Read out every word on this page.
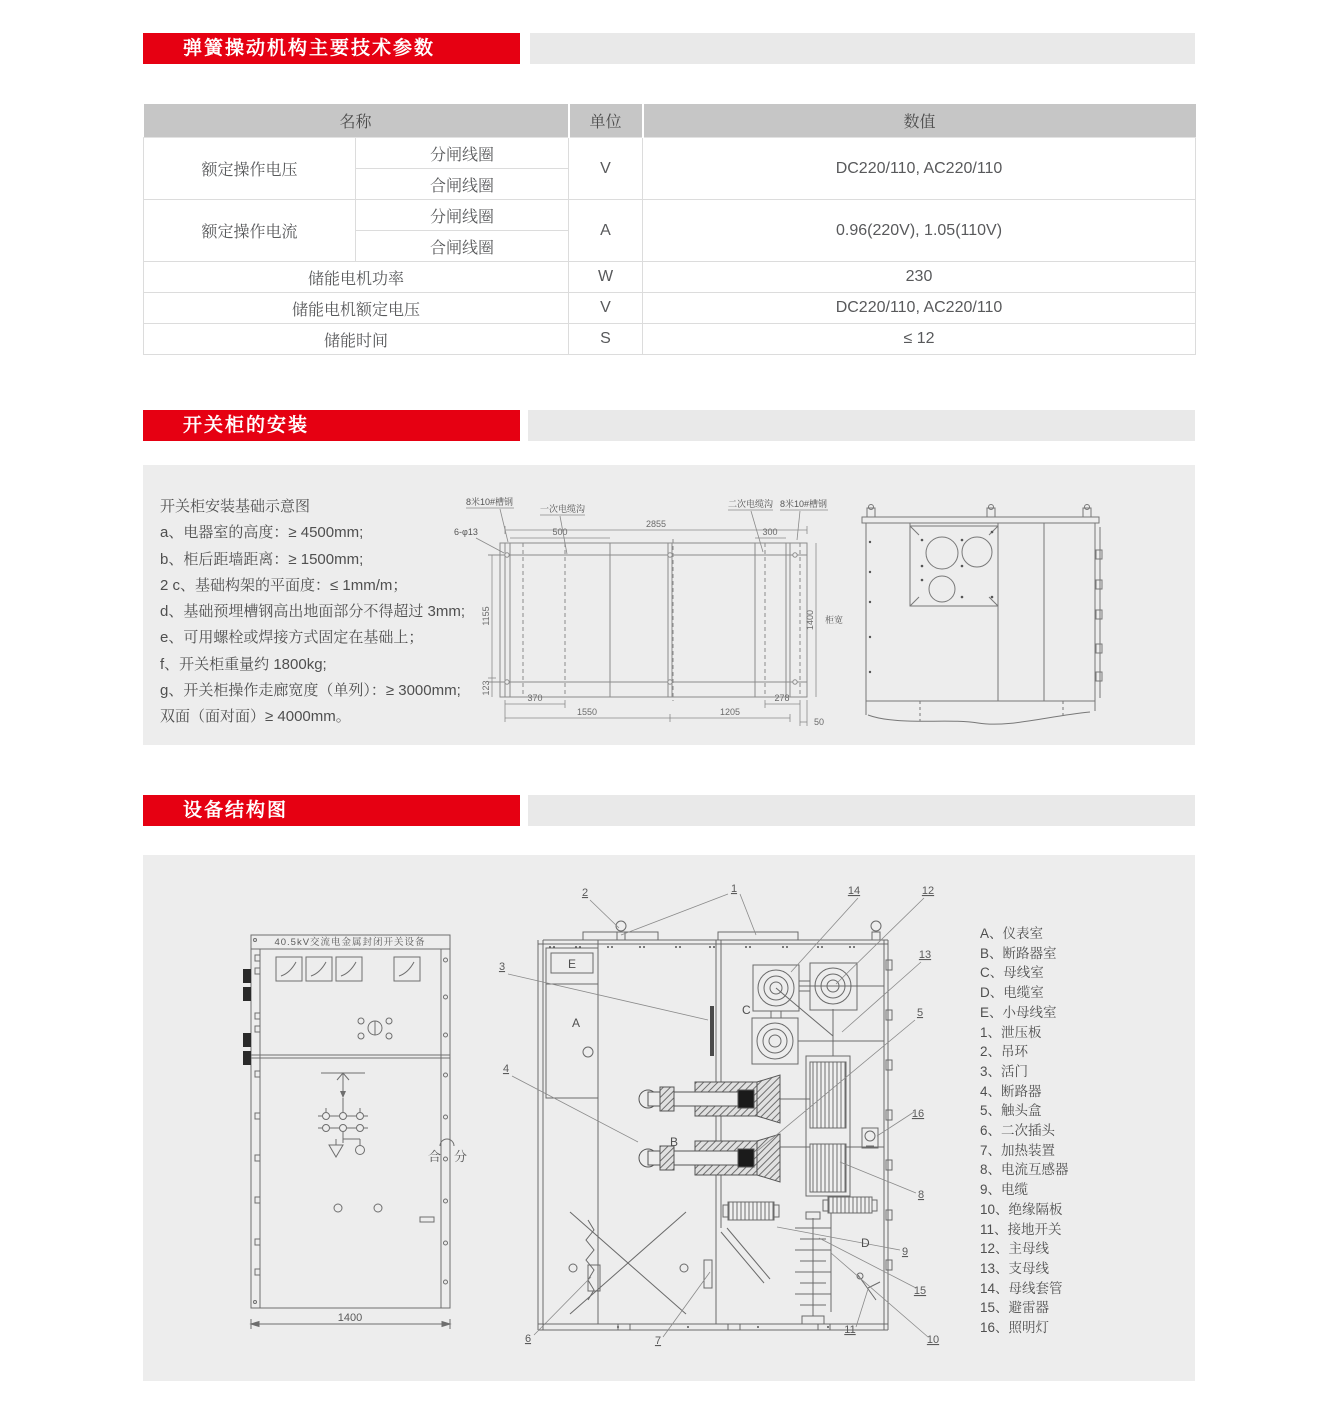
弹簧操动机构主要技术参数
名称		单位	数值
额定操作电压	分闸线圈	V	DC220/110, AC220/110
	合闸线圈		
额定操作电流	分闸线圈	A	0.96(220V), 1.05(110V)
	合闸线圈		
储能电机功率		W	230
储能电机额定电压		V	DC220/110, AC220/110
储能时间		S	≤ 12
开关柜的安装
开关柜安装基础示意图
a、电器室的高度：≥ 4500mm;
b、柜后距墙距离：≥ 1500mm;
2 c、基础构架的平面度：≤ 1mm/m；
d、基础预埋槽钢高出地面部分不得超过 3mm;
e、可用螺栓或焊接方式固定在基础上；
f、开关柜重量约 1800kg;
g、开关柜操作走廊宽度（单列）：≥ 3000mm;
双面（面对面）≥ 4000mm。
2855
500	300
1155
123
1400 柜宽
370	278
1550	1205
50
8米10#槽钢
一次电缆沟	二次电缆沟 8米10#槽钢
6-φ13
设备结构图
40.5kV交流电金属封闭开关设备
合 分
1400
E
A
B
C
D
1
2
3
4
5
6	7
8
9
10
11
12
13
14
15
16
A、仪表室
B、断路器室
C、母线室
D、电缆室
E、小母线室
1、泄压板
2、吊环
3、活门
4、断路器
5、触头盒
6、二次插头
7、加热装置
8、电流互感器
9、电缆
10、绝缘隔板
11、接地开关
12、主母线
13、支母线
14、母线套管
15、避雷器
16、照明灯
